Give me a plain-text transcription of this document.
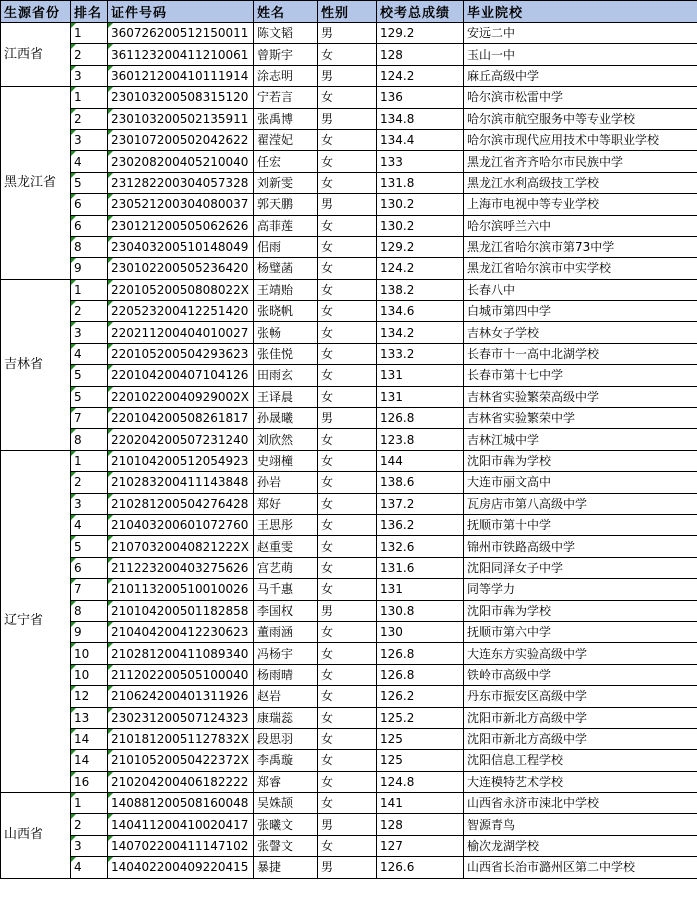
生源省份	排名	证件号码	姓名	性别	校考总成绩	毕业院校
江西省	1	360726200512150011	陈文韬	男	129.2	安远二中
	2	361123200411210061	曾斯宇	女	128	玉山一中
	3	360121200410111914	涂志明	男	124.2	麻丘高级中学
黑龙江省	1	230103200508315120	宁若言	女	136	哈尔滨市松雷中学
	2	230103200502135911	张禹博	男	134.8	哈尔滨市航空服务中等专业学校
	3	230107200502042622	翟滢妃	女	134.4	哈尔滨市现代应用技术中等职业学校
	4	230208200405210040	任宏	女	133	黑龙江省齐齐哈尔市民族中学
	5	231282200304057328	刘新雯	女	131.8	黑龙江水利高级技工学校
	6	230521200304080037	郭天鹏	男	130.2	上海市电视中等专业学校
	6	230121200505062626	高菲莲	女	130.2	哈尔滨呼兰六中
	8	230403200510148049	佀雨	女	129.2	黑龙江省哈尔滨市第73中学
	9	230102200505236420	杨璧菡	女	124.2	黑龙江省哈尔滨市中实学校
吉林省	1	22010520050808022X	王靖贻	女	138.2	长春八中
	2	220523200412251420	张晓帆	女	134.6	白城市第四中学
	3	220211200404010027	张畅	女	134.2	吉林女子学校
	4	220105200504293623	张佳悦	女	133.2	长春市十一高中北湖学校
	5	220104200407104126	田雨玄	女	131	长春市第十七中学
	5	22010220040929002X	王译晨	女	131	吉林省实验繁荣高级中学
	7	220104200508261817	孙晟曦	男	126.8	吉林省实验繁荣中学
	8	220204200507231240	刘欣然	女	123.8	吉林江城中学
辽宁省	1	210104200512054923	史翊橦	女	144	沈阳市犇为学校
	2	210283200411143848	孙岩	女	138.6	大连市丽文高中
	3	210281200504276428	郑好	女	137.2	瓦房店市第八高级中学
	4	210403200601072760	王思彤	女	136.2	抚顺市第十中学
	5	21070320040821222X	赵重雯	女	132.6	锦州市铁路高级中学
	6	211223200403275626	宫艺萌	女	131.6	沈阳同泽女子中学
	7	210113200510010026	马千惠	女	131	同等学力
	8	210104200501182858	李国权	男	130.8	沈阳市犇为学校
	9	210404200412230623	董雨涵	女	130	抚顺市第六中学
	10	210281200411089340	冯杨宇	女	126.8	大连东方实验高级中学
	10	211202200505100040	杨雨晴	女	126.8	铁岭市高级中学
	12	210624200401311926	赵岩	女	126.2	丹东市振安区高级中学
	13	230231200507124323	康瑞蕊	女	125.2	沈阳市新北方高级中学
	14	21018120051127832X	段思羽	女	125	沈阳市新北方高级中学
	14	21010520050422372X	李禹璇	女	125	沈阳信息工程学校
	16	210204200406182222	郑睿	女	124.8	大连模特艺术学校
山西省	1	140881200508160048	吴姝颉	女	141	山西省永济市涑北中学校
	2	140411200410020417	张曦文	男	128	智源青鸟
	3	140702200411147102	张謦文	女	127	榆次龙湖学校
	4	140402200409220415	暴捷	男	126.6	山西省长治市潞州区第二中学校
